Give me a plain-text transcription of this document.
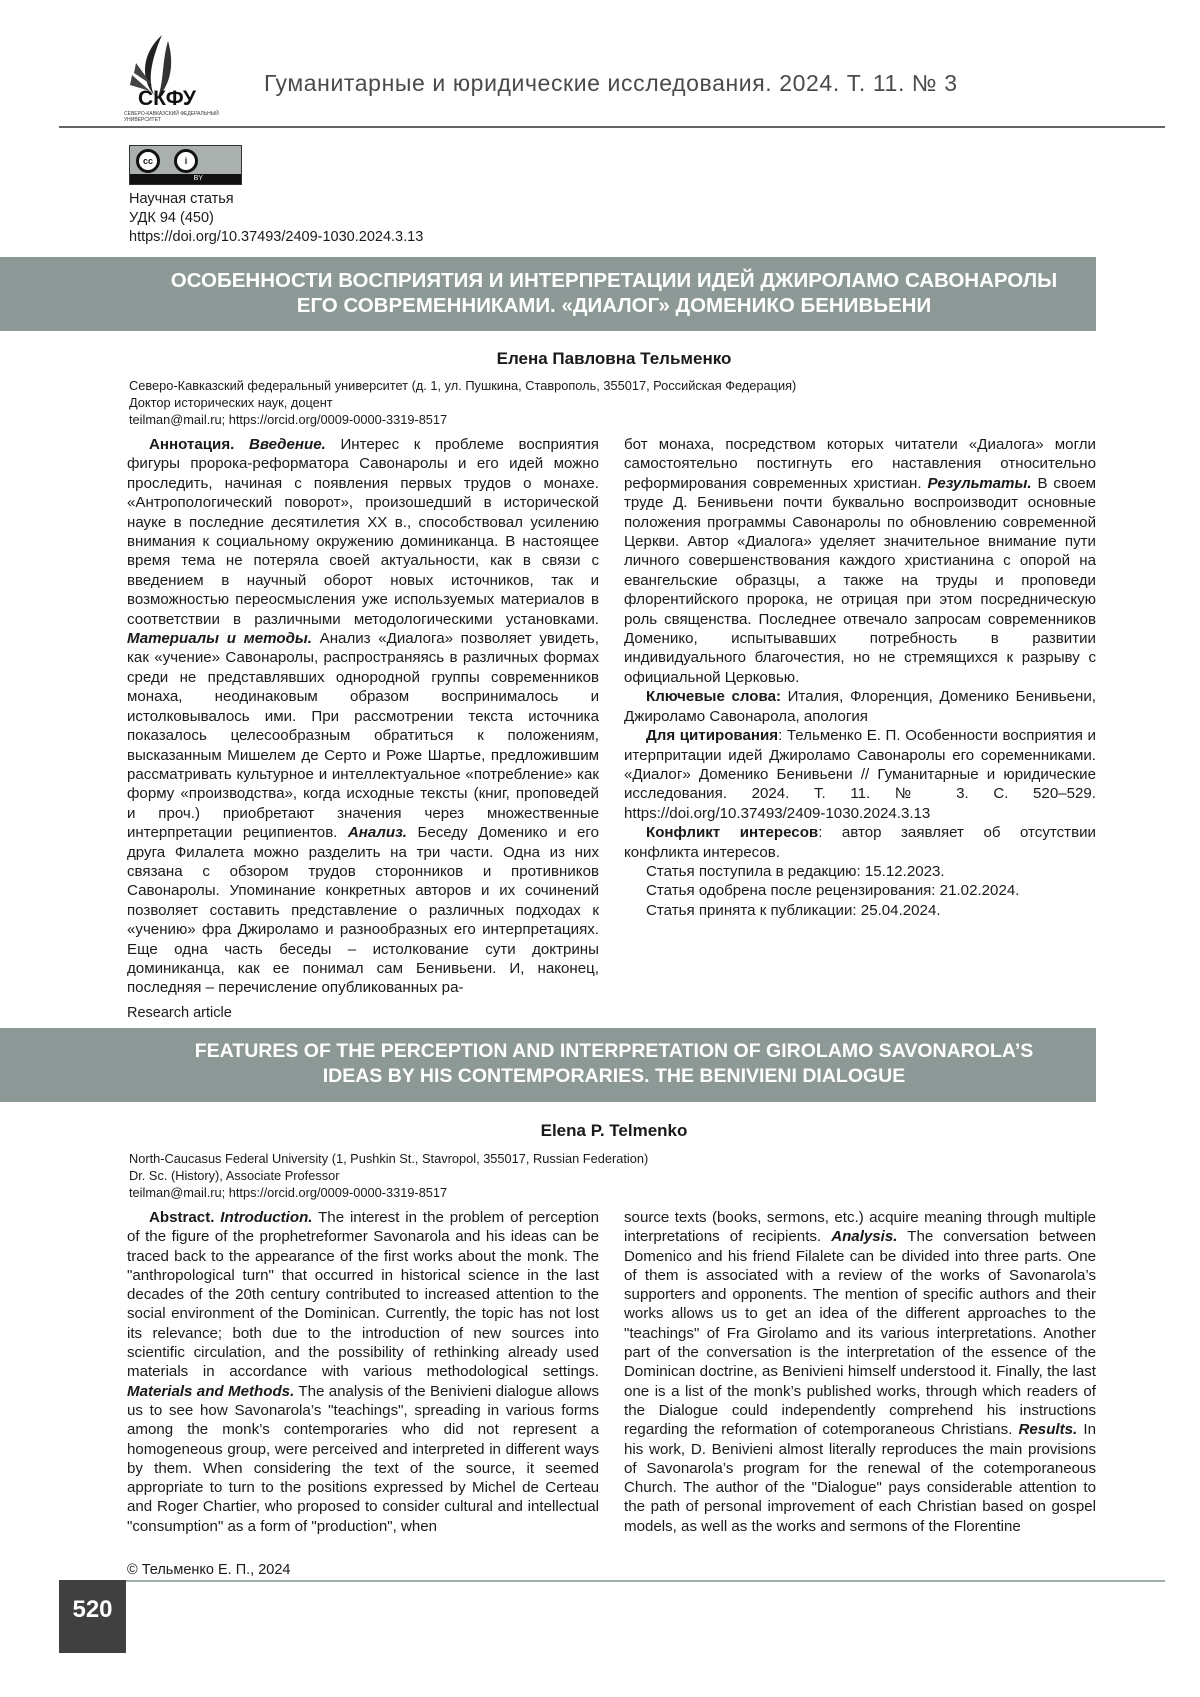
СКФУ
СЕВЕРО-КАВКАЗСКИЙ ФЕДЕРАЛЬНЫЙ УНИВЕРСИТЕТ
Гуманитарные и юридические исследования. 2024. Т. 11. № 3
cc	i
BY
Научная статья
УДК 94 (450)
https://doi.org/10.37493/2409-1030.2024.3.13
ОСОБЕННОСТИ ВОСПРИЯТИЯ И ИНТЕРПРЕТАЦИИ ИДЕЙ ДЖИРОЛАМО САВОНАРОЛЫ
ЕГО СОВРЕМЕННИКАМИ. «ДИАЛОГ» ДОМЕНИКО БЕНИВЬЕНИ
Елена Павловна Тельменко
Северо-Кавказский федеральный университет (д. 1, ул. Пушкина, Ставрополь, 355017, Российская Федерация)
Доктор исторических наук, доцент
teilman@mail.ru; https://orcid.org/0009-0000-3319-8517

Аннотация. Введение. Интерес к проблеме восприятия фигуры пророка-реформатора Савонаролы и его идей можно проследить, начиная с появления первых трудов о монахе. «Антропологический поворот», произошедший в исторической науке в последние десятилетия XX в., способствовал усилению внимания к социальному окружению доминиканца. В настоящее время тема не потеряла своей актуальности, как в связи с введением в научный оборот новых источников, так и возможностью переосмысления уже используемых материалов в соответствии в различными методологическими установками. Материалы и методы. Анализ «Диалога» позволяет увидеть, как «учение» Савонаролы, распространяясь в различных формах среди не представлявших однородной группы современников монаха, неодинаковым образом воспринималось и истолковывалось ими. При рассмотрении текста источника показалось целесообразным обратиться к положениям, высказанным Мишелем де Серто и Роже Шартье, предложившим рассматривать культурное и интеллектуальное «потребление» как форму «производства», когда исходные тексты (книг, проповедей и проч.) приобретают значения через множественные интерпретации реципиентов. Анализ. Беседу Доменико и его друга Филалета можно разделить на три части. Одна из них связана с обзором трудов сторонников и противников Савонаролы. Упоминание конкретных авторов и их сочинений позволяет составить представление о различных подходах к «учению» фра Джироламо и разнообразных его интерпретациях. Еще одна часть беседы – истолкование сути доктрины доминиканца, как ее понимал сам Бенивьени. И, наконец, последняя – перечисление опубликованных ра-

бот монаха, посредством которых читатели «Диалога» могли самостоятельно постигнуть его наставления относительно реформирования современных христиан. Результаты. В своем труде Д. Бенивьени почти буквально воспроизводит основные положения программы Савонаролы по обновлению современной Церкви. Автор «Диалога» уделяет значительное внимание пути личного совершенствования каждого христианина с опорой на евангельские образцы, а также на труды и проповеди флорентийского пророка, не отрицая при этом посредническую роль священства. Последнее отвечало запросам современников Доменико, испытывавших потребность в развитии индивидуального благочестия, но не стремящихся к разрыву с официальной Церковью.

Ключевые слова: Италия, Флоренция, Доменико Бенивьени, Джироламо Савонарола, апология

Для цитирования: Тельменко Е. П. Особенности восприятия и итерпритации идей Джироламо Савонаролы его соременниками. «Диалог» Доменико Бенивьени // Гуманитарные и юридические исследования. 2024. Т. 11. № 3. С. 520–529. https://doi.org/10.37493/2409-1030.2024.3.13

Конфликт интересов: автор заявляет об отсутствии конфликта интересов.

Статья поступила в редакцию: 15.12.2023.

Статья одобрена после рецензирования: 21.02.2024.

Статья принята к публикации: 25.04.2024.

Research article
FEATURES OF THE PERCEPTION AND INTERPRETATION OF GIROLAMO SAVONAROLA’S
IDEAS BY HIS CONTEMPORARIES. THE BENIVIENI DIALOGUE
Elena P. Telmenko
North-Caucasus Federal University (1, Pushkin St., Stavropol, 355017, Russian Federation)
Dr. Sc. (History), Associate Professor
teilman@mail.ru; https://orcid.org/0009-0000-3319-8517

Abstract. Introduction. The interest in the problem of perception of the figure of the prophetreformer Savonarola and his ideas can be traced back to the appearance of the first works about the monk. The "anthropological turn" that occurred in historical science in the last decades of the 20th century contributed to increased attention to the social environment of the Dominican. Currently, the topic has not lost its relevance; both due to the introduction of new sources into scientific circulation, and the possibility of rethinking already used materials in accordance with various methodological settings. Materials and Methods. The analysis of the Benivieni dialogue allows us to see how Savonarola’s "teachings", spreading in various forms among the monk’s contemporaries who did not represent a homogeneous group, were perceived and interpreted in different ways by them. When considering the text of the source, it seemed appropriate to turn to the positions expressed by Michel de Certeau and Roger Chartier, who proposed to consider cultural and intellectual "consumption" as a form of "production", when

source texts (books, sermons, etc.) acquire meaning through multiple interpretations of recipients. Analysis. The conversation between Domenico and his friend Filalete can be divided into three parts. One of them is associated with a review of the works of Savonarola’s supporters and opponents. The mention of specific authors and their works allows us to get an idea of the different approaches to the "teachings" of Fra Girolamo and its various interpretations. Another part of the conversation is the interpretation of the essence of the Dominican doctrine, as Benivieni himself understood it. Finally, the last one is a list of the monk’s published works, through which readers of the Dialogue could independently comprehend his instructions regarding the reformation of cotemporaneous Christians. Results. In his work, D. Benivieni almost literally reproduces the main provisions of Savonarola’s program for the renewal of the cotemporaneous Church. The author of the "Dialogue" pays considerable attention to the path of personal improvement of each Christian based on gospel models, as well as the works and sermons of the Florentine

© Тельменко Е. П., 2024
520
